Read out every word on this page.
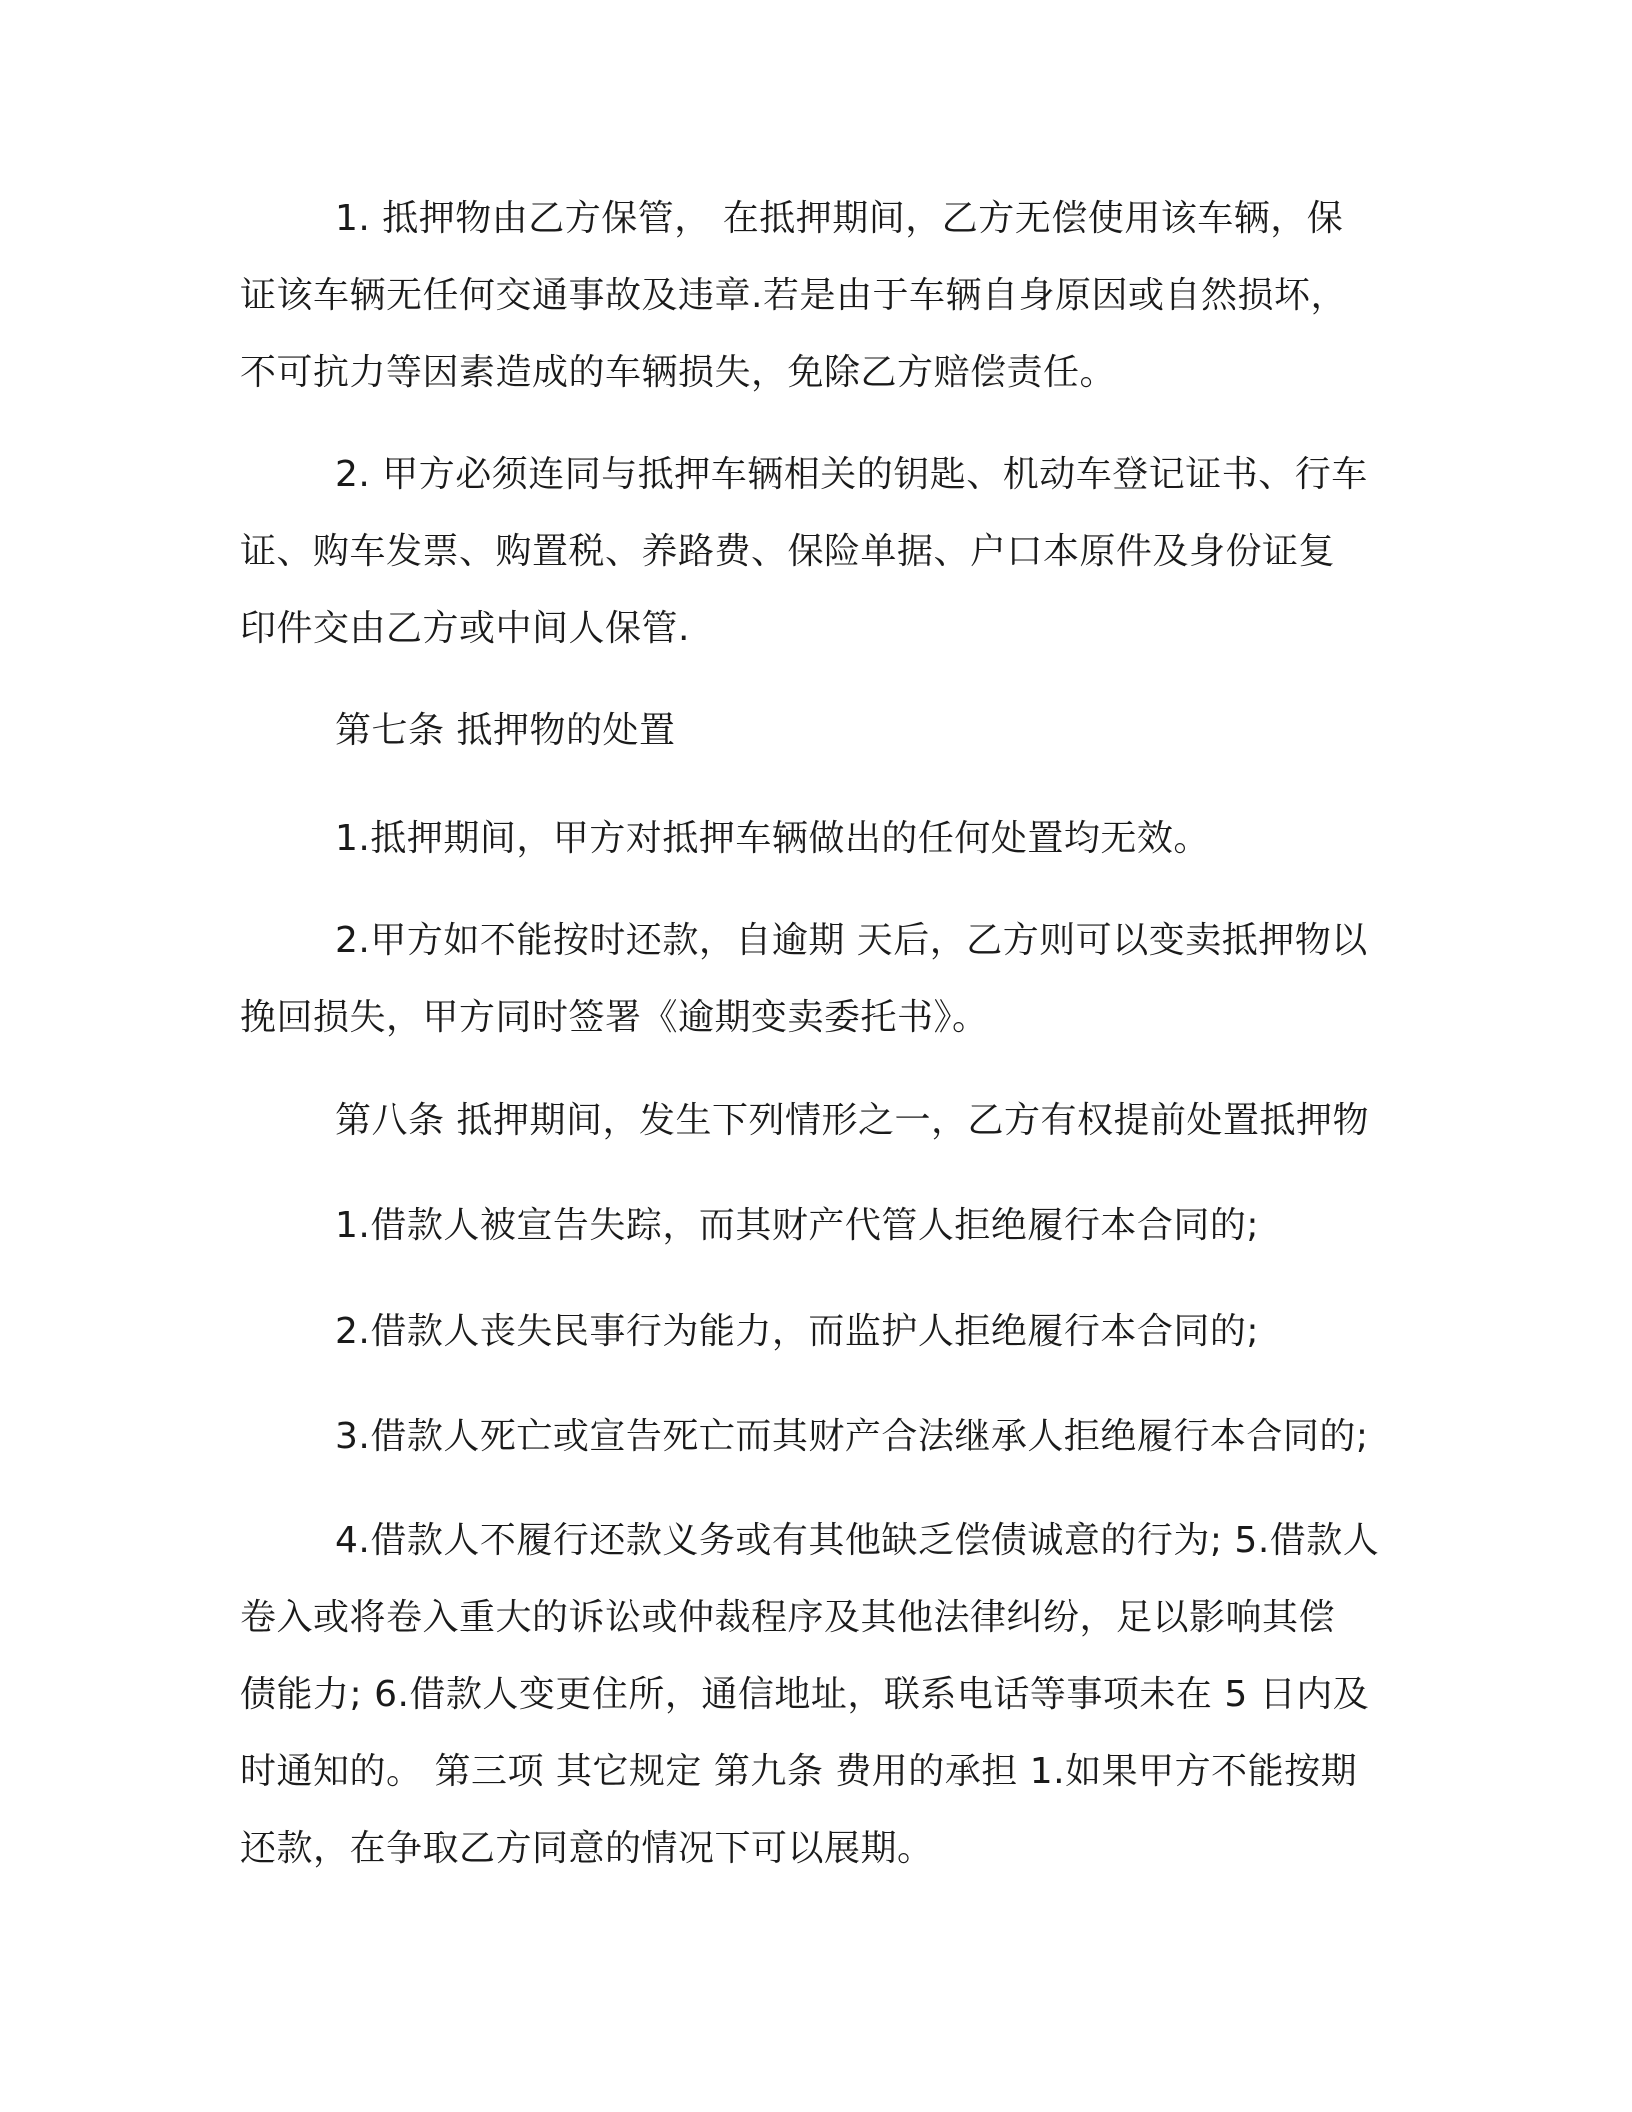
1. 抵押物由乙方保管， 在抵押期间，乙方无偿使用该车辆，保
证该车辆无任何交通事故及违章.若是由于车辆自身原因或自然损坏，
不可抗力等因素造成的车辆损失，免除乙方赔偿责任。
2. 甲方必须连同与抵押车辆相关的钥匙、机动车登记证书、行车
证、购车发票、购置税、养路费、保险单据、户口本原件及身份证复
印件交由乙方或中间人保管.
第七条 抵押物的处置
1.抵押期间，甲方对抵押车辆做出的任何处置均无效。
2.甲方如不能按时还款，自逾期 天后，乙方则可以变卖抵押物以
挽回损失，甲方同时签署《逾期变卖委托书》。
第八条 抵押期间，发生下列情形之一，乙方有权提前处置抵押物
1.借款人被宣告失踪，而其财产代管人拒绝履行本合同的;
2.借款人丧失民事行为能力，而监护人拒绝履行本合同的;
3.借款人死亡或宣告死亡而其财产合法继承人拒绝履行本合同的;
4.借款人不履行还款义务或有其他缺乏偿债诚意的行为; 5.借款人
卷入或将卷入重大的诉讼或仲裁程序及其他法律纠纷，足以影响其偿
债能力; 6.借款人变更住所，通信地址，联系电话等事项未在 5 日内及
时通知的。 第三项 其它规定 第九条 费用的承担 1.如果甲方不能按期
还款，在争取乙方同意的情况下可以展期。
